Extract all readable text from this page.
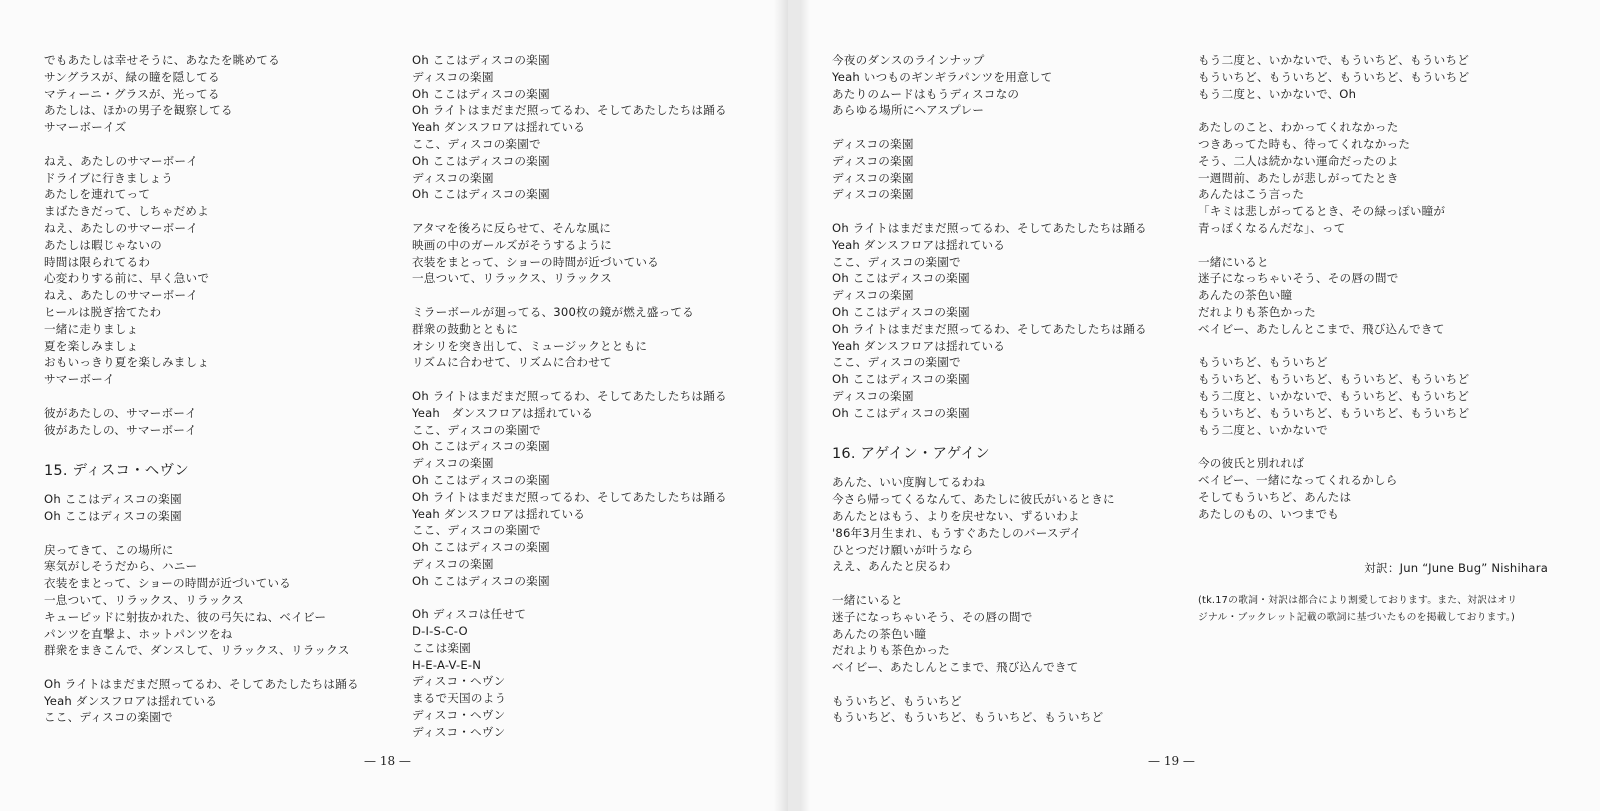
でもあたしは幸せそうに、あなたを眺めてる
サングラスが、緑の瞳を隠してる
マティーニ・グラスが、光ってる
あたしは、ほかの男子を観察してる
サマーボーイズ
ねえ、あたしのサマーボーイ
ドライブに行きましょう
あたしを連れてって
まばたきだって、しちゃだめよ
ねえ、あたしのサマーボーイ
あたしは暇じゃないの
時間は限られてるわ
心変わりする前に、早く急いで
ねえ、あたしのサマーボーイ
ヒールは脱ぎ捨てたわ
一緒に走りましょ
夏を楽しみましょ
おもいっきり夏を楽しみましょ
サマーボーイ
彼があたしの、サマーボーイ
彼があたしの、サマーボーイ
15. ディスコ・ヘヴン
Oh ここはディスコの楽園
Oh ここはディスコの楽園
戻ってきて、この場所に
寒気がしそうだから、ハニー
衣装をまとって、ショーの時間が近づいている
一息ついて、リラックス、リラックス
キューピッドに射抜かれた、彼の弓矢にね、ベイビー
パンツを直撃よ、ホットパンツをね
群衆をまきこんで、ダンスして、リラックス、リラックス
Oh ライトはまだまだ照ってるわ、そしてあたしたちは踊る
Yeah ダンスフロアは揺れている
ここ、ディスコの楽園で
Oh ここはディスコの楽園
ディスコの楽園
Oh ここはディスコの楽園
Oh ライトはまだまだ照ってるわ、そしてあたしたちは踊る
Yeah ダンスフロアは揺れている
ここ、ディスコの楽園で
Oh ここはディスコの楽園
ディスコの楽園
Oh ここはディスコの楽園
アタマを後ろに反らせて、そんな風に
映画の中のガールズがそうするように
衣装をまとって、ショーの時間が近づいている
一息ついて、リラックス、リラックス
ミラーボールが廻ってる、300枚の鏡が燃え盛ってる
群衆の鼓動とともに
オシリを突き出して、ミュージックとともに
リズムに合わせて、リズムに合わせて
Oh ライトはまだまだ照ってるわ、そしてあたしたちは踊る
Yeah　ダンスフロアは揺れている
ここ、ディスコの楽園で
Oh ここはディスコの楽園
ディスコの楽園
Oh ここはディスコの楽園
Oh ライトはまだまだ照ってるわ、そしてあたしたちは踊る
Yeah ダンスフロアは揺れている
ここ、ディスコの楽園で
Oh ここはディスコの楽園
ディスコの楽園
Oh ここはディスコの楽園
Oh ディスコは任せて
D-I-S-C-O
ここは楽園
H-E-A-V-E-N
ディスコ・ヘヴン
まるで天国のよう
ディスコ・ヘヴン
ディスコ・ヘヴン
— 18 —
今夜のダンスのラインナップ
Yeah いつものギンギラパンツを用意して
あたりのムードはもうディスコなの
あらゆる場所にヘアスプレー
ディスコの楽園
ディスコの楽園
ディスコの楽園
ディスコの楽園
Oh ライトはまだまだ照ってるわ、そしてあたしたちは踊る
Yeah ダンスフロアは揺れている
ここ、ディスコの楽園で
Oh ここはディスコの楽園
ディスコの楽園
Oh ここはディスコの楽園
Oh ライトはまだまだ照ってるわ、そしてあたしたちは踊る
Yeah ダンスフロアは揺れている
ここ、ディスコの楽園で
Oh ここはディスコの楽園
ディスコの楽園
Oh ここはディスコの楽園
16. アゲイン・アゲイン
あんた、いい度胸してるわね
今さら帰ってくるなんて、あたしに彼氏がいるときに
あんたとはもう、よりを戻せない、ずるいわよ
'86年3月生まれ、もうすぐあたしのバースデイ
ひとつだけ願いが叶うなら
ええ、あんたと戻るわ
一緒にいると
迷子になっちゃいそう、その唇の間で
あんたの茶色い瞳
だれよりも茶色かった
ベイビー、あたしんとこまで、飛び込んできて
もういちど、もういちど
もういちど、もういちど、もういちど、もういちど
もう二度と、いかないで、もういちど、もういちど
もういちど、もういちど、もういちど、もういちど
もう二度と、いかないで、Oh
あたしのこと、わかってくれなかった
つきあってた時も、待ってくれなかった
そう、二人は続かない運命だったのよ
一週間前、あたしが悲しがってたとき
あんたはこう言った
「キミは悲しがってるとき、その緑っぽい瞳が
青っぽくなるんだな」、って
一緒にいると
迷子になっちゃいそう、その唇の間で
あんたの茶色い瞳
だれよりも茶色かった
ベイビー、あたしんとこまで、飛び込んできて
もういちど、もういちど
もういちど、もういちど、もういちど、もういちど
もう二度と、いかないで、もういちど、もういちど
もういちど、もういちど、もういちど、もういちど
もう二度と、いかないで
今の彼氏と別れれば
ベイビー、一緒になってくれるかしら
そしてもういちど、あんたは
あたしのもの、いつまでも
対訳：Jun “June Bug” Nishihara
(tk.17の歌詞・対訳は都合により割愛しております。また、対訳はオリ
ジナル・ブックレット記載の歌詞に基づいたものを掲載しております。)
— 19 —
